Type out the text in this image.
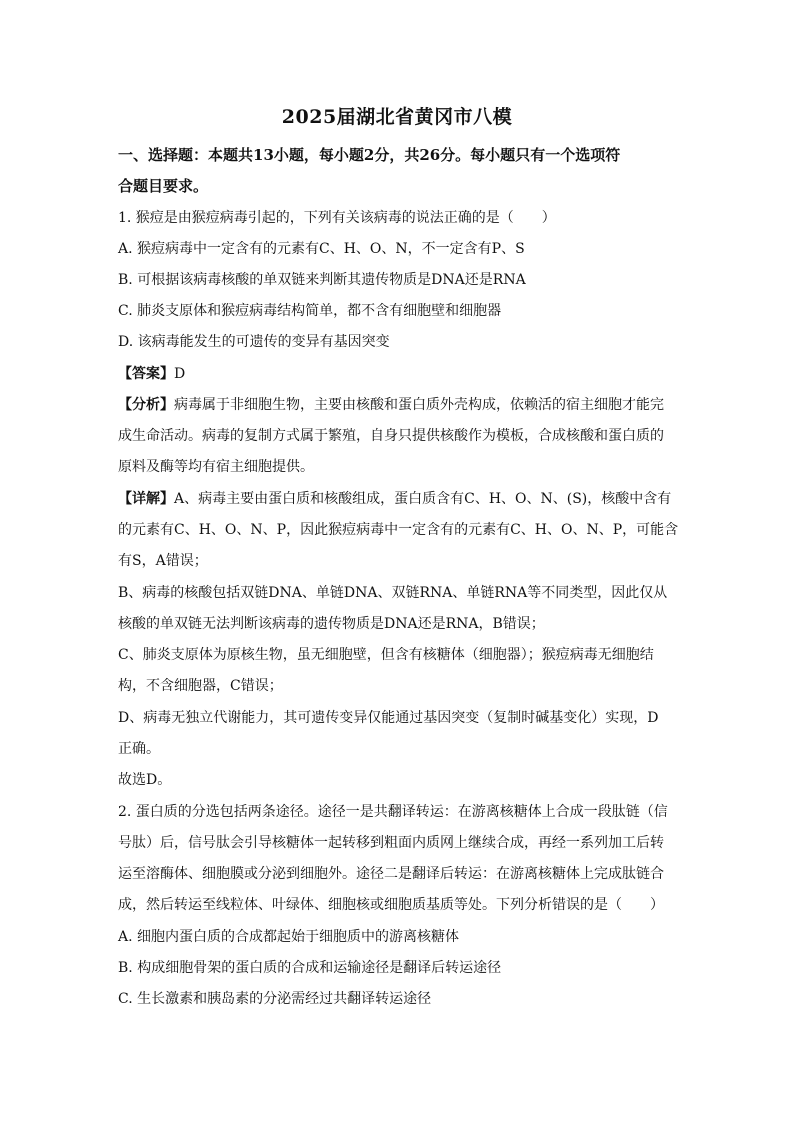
2025届湖北省黄冈市八模
一、选择题：本题共13小题，每小题2分，共26分。每小题只有一个选项符
合题目要求。
1. 猴痘是由猴痘病毒引起的，下列有关该病毒的说法正确的是（　　）
A. 猴痘病毒中一定含有的元素有C、H、O、N，不一定含有P、S
B. 可根据该病毒核酸的单双链来判断其遗传物质是DNA还是RNA
C. 肺炎支原体和猴痘病毒结构简单，都不含有细胞壁和细胞器
D. 该病毒能发生的可遗传的变异有基因突变
【答案】D
【分析】病毒属于非细胞生物，主要由核酸和蛋白质外壳构成，依赖活的宿主细胞才能完
成生命活动。病毒的复制方式属于繁殖，自身只提供核酸作为模板，合成核酸和蛋白质的
原料及酶等均有宿主细胞提供。
【详解】A、病毒主要由蛋白质和核酸组成，蛋白质含有C、H、O、N、(S)，核酸中含有
的元素有C、H、O、N、P，因此猴痘病毒中一定含有的元素有C、H、O、N、P，可能含
有S，A错误；
B、病毒的核酸包括双链DNA、单链DNA、双链RNA、单链RNA等不同类型，因此仅从
核酸的单双链无法判断该病毒的遗传物质是DNA还是RNA，B错误；
C、肺炎支原体为原核生物，虽无细胞壁，但含有核糖体（细胞器）；猴痘病毒无细胞结
构，不含细胞器，C错误；
D、病毒无独立代谢能力，其可遗传变异仅能通过基因突变（复制时碱基变化）实现，D
正确。
故选D。
2. 蛋白质的分选包括两条途径。途径一是共翻译转运：在游离核糖体上合成一段肽链（信
号肽）后，信号肽会引导核糖体一起转移到粗面内质网上继续合成，再经一系列加工后转
运至溶酶体、细胞膜或分泌到细胞外。途径二是翻译后转运：在游离核糖体上完成肽链合
成，然后转运至线粒体、叶绿体、细胞核或细胞质基质等处。下列分析错误的是（　　）
A. 细胞内蛋白质的合成都起始于细胞质中的游离核糖体
B. 构成细胞骨架的蛋白质的合成和运输途径是翻译后转运途径
C. 生长激素和胰岛素的分泌需经过共翻译转运途径
